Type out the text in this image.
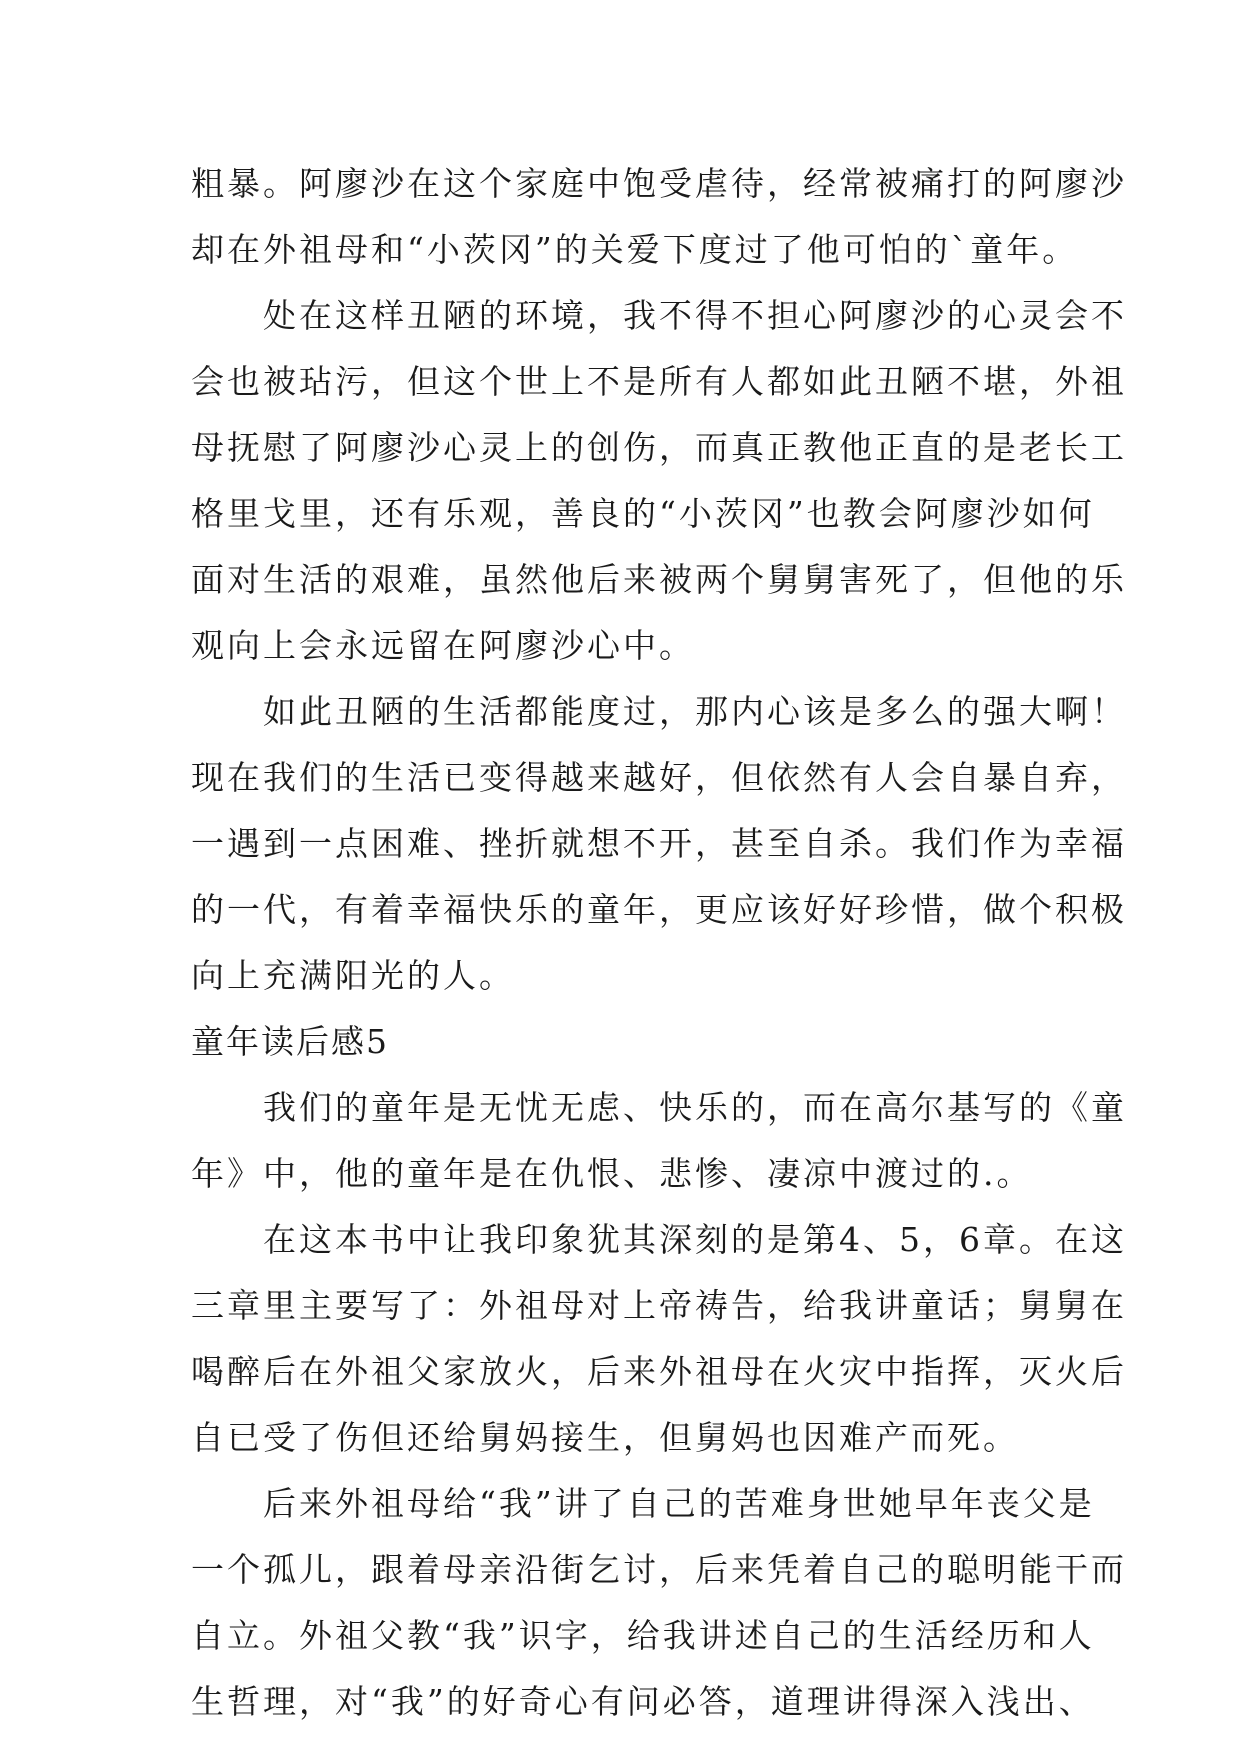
粗暴。阿廖沙在这个家庭中饱受虐待，经常被痛打的阿廖沙
却在外祖母和“小茨冈”的关爱下度过了他可怕的`童年。
　　处在这样丑陋的环境，我不得不担心阿廖沙的心灵会不
会也被玷污，但这个世上不是所有人都如此丑陋不堪，外祖
母抚慰了阿廖沙心灵上的创伤，而真正教他正直的是老长工
格里戈里，还有乐观，善良的“小茨冈”也教会阿廖沙如何
面对生活的艰难，虽然他后来被两个舅舅害死了，但他的乐
观向上会永远留在阿廖沙心中。
　　如此丑陋的生活都能度过，那内心该是多么的强大啊！
现在我们的生活已变得越来越好，但依然有人会自暴自弃，
一遇到一点困难、挫折就想不开，甚至自杀。我们作为幸福
的一代，有着幸福快乐的童年，更应该好好珍惜，做个积极
向上充满阳光的人。
童年读后感5
　　我们的童年是无忧无虑、快乐的，而在高尔基写的《童
年》中，他的童年是在仇恨、悲惨、凄凉中渡过的.。
　　在这本书中让我印象犹其深刻的是第4、5，6章。在这
三章里主要写了：外祖母对上帝祷告，给我讲童话；舅舅在
喝醉后在外祖父家放火，后来外祖母在火灾中指挥，灭火后
自已受了伤但还给舅妈接生，但舅妈也因难产而死。
　　后来外祖母给“我”讲了自己的苦难身世她早年丧父是
一个孤儿，跟着母亲沿街乞讨，后来凭着自己的聪明能干而
自立。外祖父教“我”识字，给我讲述自己的生活经历和人
生哲理，对“我”的好奇心有问必答，道理讲得深入浅出、
